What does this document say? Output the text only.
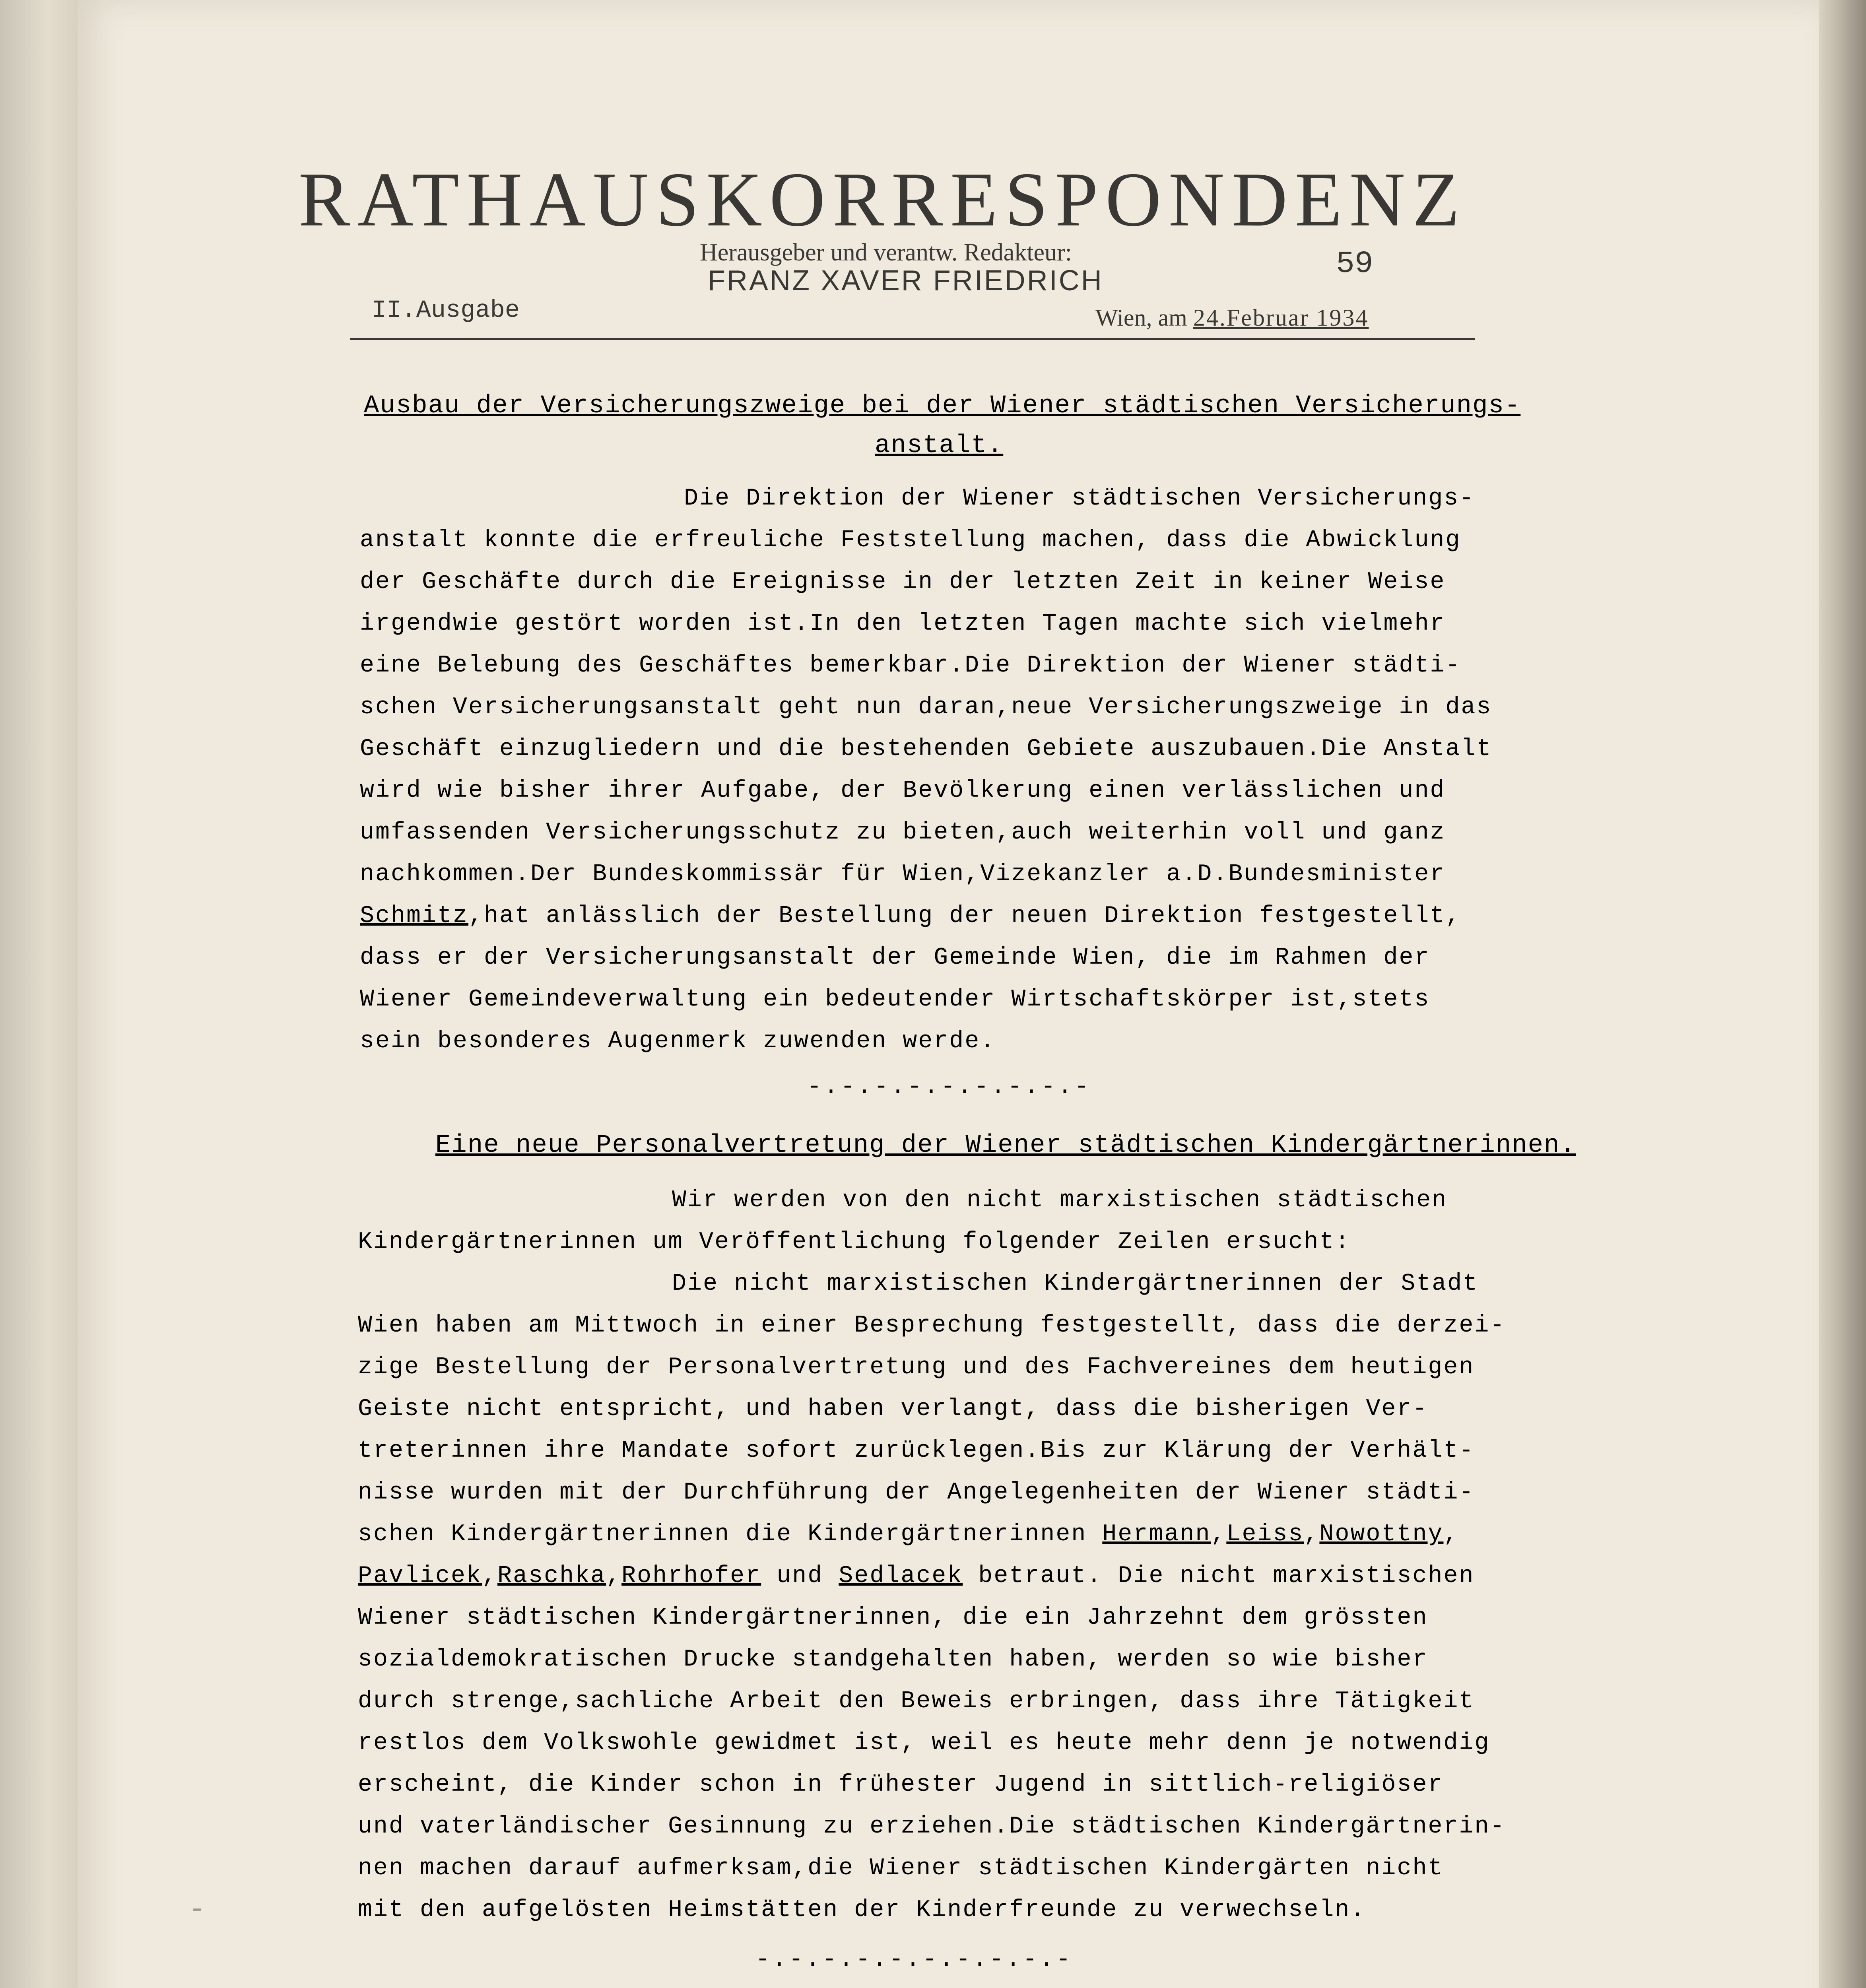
RATHAUSKORRESPONDENZ
Herausgeber und verantw. Redakteur:
FRANZ XAVER FRIEDRICH	59
II.Ausgabe	Wien, am 24.Februar 1934
Ausbau der Versicherungszweige bei der Wiener städtischen Versicherungs-
anstalt.
Die Direktion der Wiener städtischen Versicherungs-
anstalt konnte die erfreuliche Feststellung machen, dass die Abwicklung
der Geschäfte durch die Ereignisse in der letzten Zeit in keiner Weise
irgendwie gestört worden ist.In den letzten Tagen machte sich vielmehr
eine Belebung des Geschäftes bemerkbar.Die Direktion der Wiener städti-
schen Versicherungsanstalt geht nun daran,neue Versicherungszweige in das
Geschäft einzugliedern und die bestehenden Gebiete auszubauen.Die Anstalt
wird wie bisher ihrer Aufgabe, der Bevölkerung einen verlässlichen und
umfassenden Versicherungsschutz zu bieten,auch weiterhin voll und ganz
nachkommen.Der Bundeskommissär für Wien,Vizekanzler a.D.Bundesminister
Schmitz,hat anlässlich der Bestellung der neuen Direktion festgestellt,
dass er der Versicherungsanstalt der Gemeinde Wien, die im Rahmen der
Wiener Gemeindeverwaltung ein bedeutender Wirtschaftskörper ist,stets
sein besonderes Augenmerk zuwenden werde.
-.-.-.-.-.-.-.-.-
Eine neue Personalvertretung der Wiener städtischen Kindergärtnerinnen.
Wir werden von den nicht marxistischen städtischen
Kindergärtnerinnen um Veröffentlichung folgender Zeilen ersucht:
Die nicht marxistischen Kindergärtnerinnen der Stadt
Wien haben am Mittwoch in einer Besprechung festgestellt, dass die derzei-
zige Bestellung der Personalvertretung und des Fachvereines dem heutigen
Geiste nicht entspricht, und haben verlangt, dass die bisherigen Ver-
treterinnen ihre Mandate sofort zurücklegen.Bis zur Klärung der Verhält-
nisse wurden mit der Durchführung der Angelegenheiten der Wiener städti-
schen Kindergärtnerinnen die Kindergärtnerinnen Hermann,Leiss,Nowottny,
Pavlicek,Raschka,Rohrhofer und Sedlacek betraut. Die nicht marxistischen
Wiener städtischen Kindergärtnerinnen, die ein Jahrzehnt dem grössten
sozialdemokratischen Drucke standgehalten haben, werden so wie bisher
durch strenge,sachliche Arbeit den Beweis erbringen, dass ihre Tätigkeit
restlos dem Volkswohle gewidmet ist, weil es heute mehr denn je notwendig
erscheint, die Kinder schon in frühester Jugend in sittlich-religiöser
und vaterländischer Gesinnung zu erziehen.Die städtischen Kindergärtnerin-
nen machen darauf aufmerksam,die Wiener städtischen Kindergärten nicht
mit den aufgelösten Heimstätten der Kinderfreunde zu verwechseln.
-.-.-.-.-.-.-.-.-.-
